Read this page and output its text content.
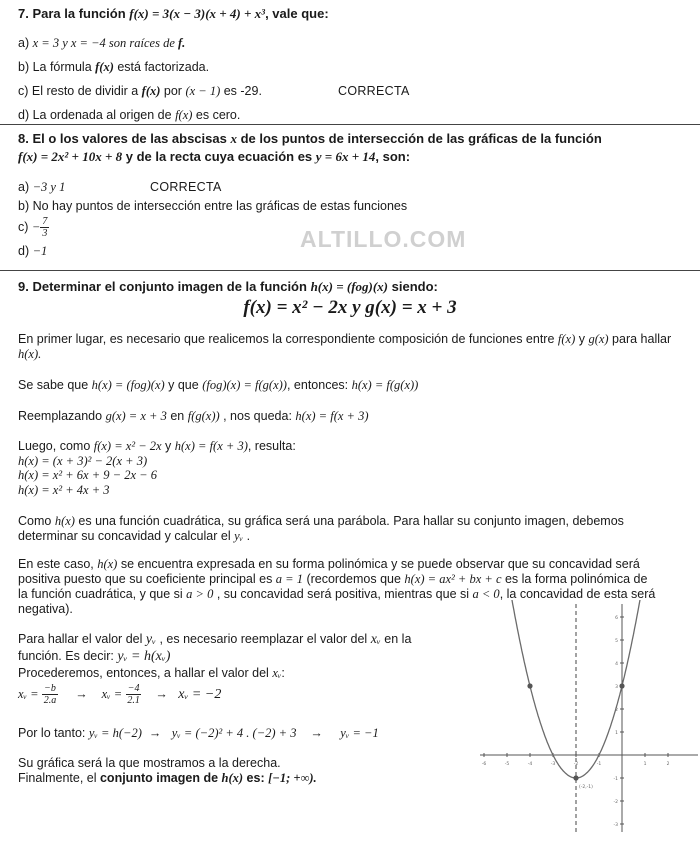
7. Para la función f(x) = 3(x − 3)(x + 4) + x³, vale que:
a) x = 3 y x = −4 son raíces de f.
b) La fórmula f(x) está factorizada.
c) El resto de dividir a f(x) por (x − 1) es -29.	CORRECTA
d) La ordenada al origen de f(x) es cero.
8. El o los valores de las abscisas x de los puntos de intersección de las gráficas de la función
f(x) = 2x² + 10x + 8 y de la recta cuya ecuación es y = 6x + 14, son:
a) −3 y 1	CORRECTA
b) No hay puntos de intersección entre las gráficas de estas funciones
$c) - \frac{7}{3}$
d) −1	ALTILLO.COM
9. Determinar el conjunto imagen de la función h(x) = (fog)(x) siendo:
f(x) = x² − 2x y g(x) = x + 3
En primer lugar, es necesario que realicemos la correspondiente composición de funciones entre f(x) y g(x) para hallar
h(x).
Se sabe que h(x) = (fog)(x) y que (fog)(x) = f(g(x)), entonces: h(x) = f(g(x))
Reemplazando g(x) = x + 3 en f(g(x)) , nos queda: h(x) = f(x + 3)
Luego, como f(x) = x² − 2x y h(x) = f(x + 3), resulta:
h(x) = (x + 3)² − 2(x + 3)
h(x) = x² + 6x + 9 − 2x − 6
h(x) = x² + 4x + 3
Como h(x) es una función cuadrática, su gráfica será una parábola. Para hallar su conjunto imagen, debemos
determinar su concavidad y calcular el yᵥ .
En este caso, h(x) se encuentra expresada en su forma polinómica y se puede observar que su concavidad será
positiva puesto que su coeficiente principal es a = 1 (recordemos que h(x) = ax² + bx + c es la forma polinómica de
la función cuadrática, y que si a > 0 , su concavidad será positiva, mientras que si a < 0, la concavidad de esta será
negativa).
Para hallar el valor del yᵥ , es necesario reemplazar el valor del xᵥ en la
función. Es decir: yᵥ = h(xᵥ)
Procederemos, entonces, a hallar el valor del xᵥ:
xᵥ = $\frac{-b}{2.a}$ → xᵥ = $\frac{-4}{2.1}$ → xᵥ = −2
Por lo tanto: yᵥ = h(−2) → yᵥ = (−2)² + 4 . (−2) + 3 → yᵥ = −1
Su gráfica será la que mostramos a la derecha.
Finalmente, el conjunto imagen de h(x) es: [−1; +∞).
-6	-5	-4	-3	-2	-1	1	2
-3
-2
-1
1
2
3
4
5
6
(-2,-1)
